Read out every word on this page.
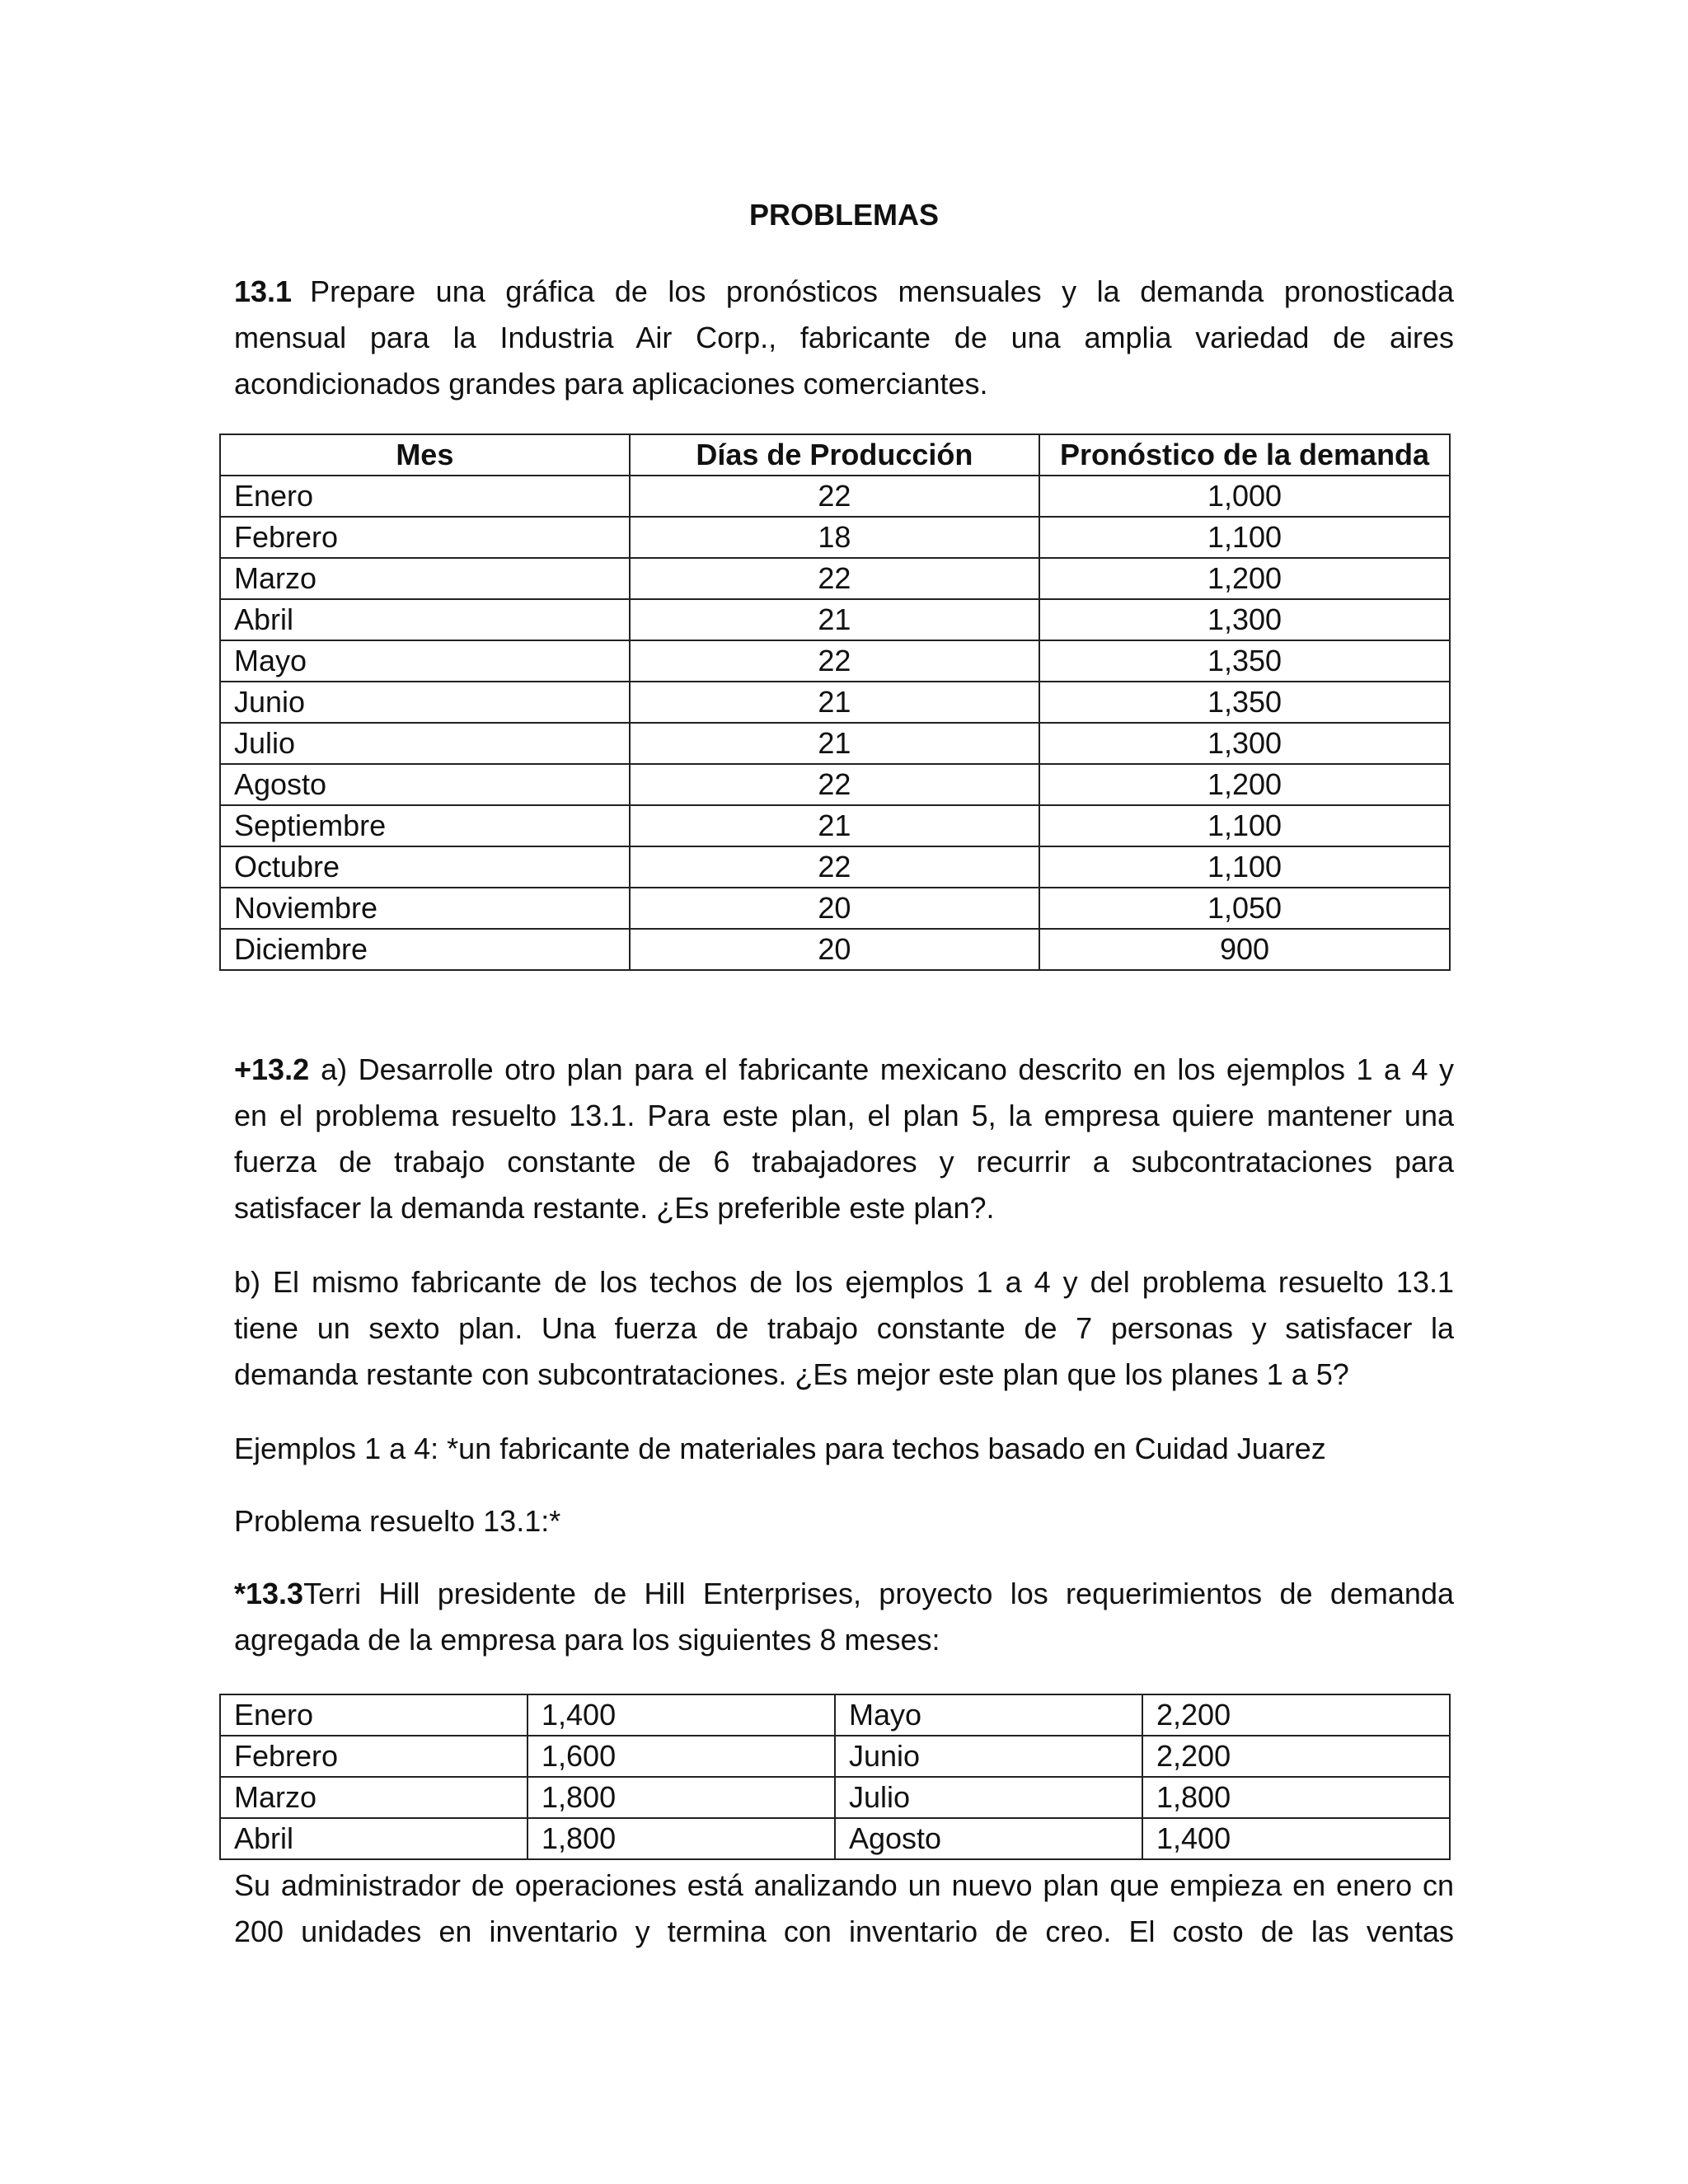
PROBLEMAS
13.1 Prepare una gráfica de los pronósticos mensuales y la demanda pronosticada
mensual para la Industria Air Corp., fabricante de una amplia variedad de aires
acondicionados grandes para aplicaciones comerciantes.
Mes	Días de Producción	Pronóstico de la demanda
Enero	22	1,000
Febrero	18	1,100
Marzo	22	1,200
Abril	21	1,300
Mayo	22	1,350
Junio	21	1,350
Julio	21	1,300
Agosto	22	1,200
Septiembre	21	1,100
Octubre	22	1,100
Noviembre	20	1,050
Diciembre	20	900
+13.2 a) Desarrolle otro plan para el fabricante mexicano descrito en los ejemplos 1 a 4 y
en el problema resuelto 13.1. Para este plan, el plan 5, la empresa quiere mantener una
fuerza de trabajo constante de 6 trabajadores y recurrir a subcontrataciones para
satisfacer la demanda restante. ¿Es preferible este plan?.
b) El mismo fabricante de los techos de los ejemplos 1 a 4 y del problema resuelto 13.1
tiene un sexto plan. Una fuerza de trabajo constante de 7 personas y satisfacer la
demanda restante con subcontrataciones. ¿Es mejor este plan que los planes 1 a 5?
Ejemplos 1 a 4: *un fabricante de materiales para techos basado en Cuidad Juarez
Problema resuelto 13.1:*
*13.3Terri Hill presidente de Hill Enterprises, proyecto los requerimientos de demanda
agregada de la empresa para los siguientes 8 meses:
Enero	1,400	Mayo	2,200
Febrero	1,600	Junio	2,200
Marzo	1,800	Julio	1,800
Abril	1,800	Agosto	1,400
Su administrador de operaciones está analizando un nuevo plan que empieza en enero cn
200 unidades en inventario y termina con inventario de creo. El costo de las ventas
